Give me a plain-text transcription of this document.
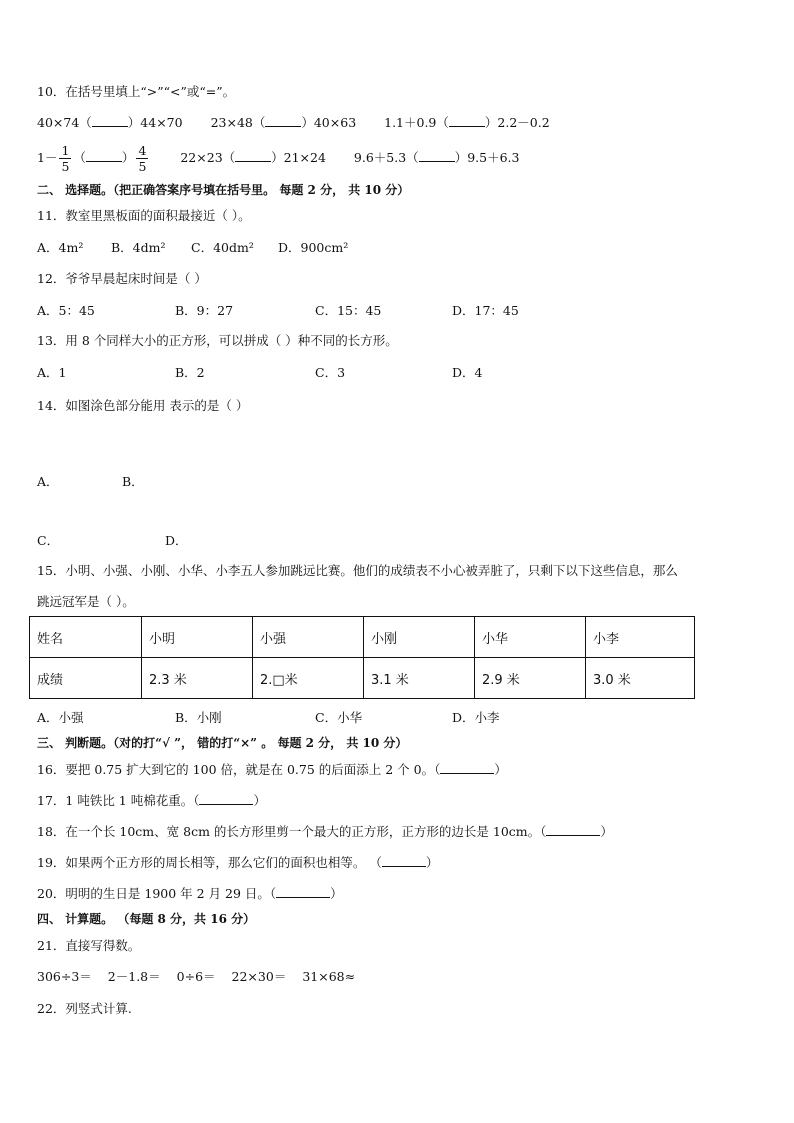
10．在括号里填上“>”“<”或“=”。
40×74（	）44×70 23×48（	）40×63 1.1＋0.9（	）2.2－0.2
$1- \frac{1}{5}$ （	） $\frac{4}{5}$	22×23（	）21×24 9.6＋5.3（	）9.5＋6.3
二、 选择题。（把正确答案序号填在括号里。 每题 2 分， 共 10 分）
11．教室里黑板面的面积最接近（ ）。
A．4m² B．4dm² C．40dm² D．900cm²
12．爷爷早晨起床时间是（ ）
A．5：45	B．9：27	C．15：45	D．17：45
13．用 8 个同样大小的正方形，可以拼成（ ）种不同的长方形。
A．1	B．2	C．3	D．4
14．如图涂色部分能用 表示的是（ ）
A．	B．
C．	D．
15．小明、小强、小刚、小华、小李五人参加跳远比赛。他们的成绩表不小心被弄脏了，只剩下以下这些信息，那么
跳远冠军是（ ）。
姓名	小明	小强	小刚	小华	小李
成绩	2.3 米	2.□米	3.1 米	2.9 米	3.0 米
A．小强	B．小刚	C．小华	D．小李
三、 判断题。（对的打“√ ”， 错的打“×” 。 每题 2 分， 共 10 分）
16．要把 0.75 扩大到它的 100 倍，就是在 0.75 的后面添上 2 个 0。（	）
17．1 吨铁比 1 吨棉花重。（	）
18．在一个长 10cm、宽 8cm 的长方形里剪一个最大的正方形，正方形的边长是 10cm。（	）
19．如果两个正方形的周长相等，那么它们的面积也相等。 （	）
20．明明的生日是 1900 年 2 月 29 日。（	）
四、 计算题。 （每题 8 分，共 16 分）
21．直接写得数。
306÷3＝ 2－1.8＝ 0÷6＝ 22×30＝ 31×68≈
22．列竖式计算.
